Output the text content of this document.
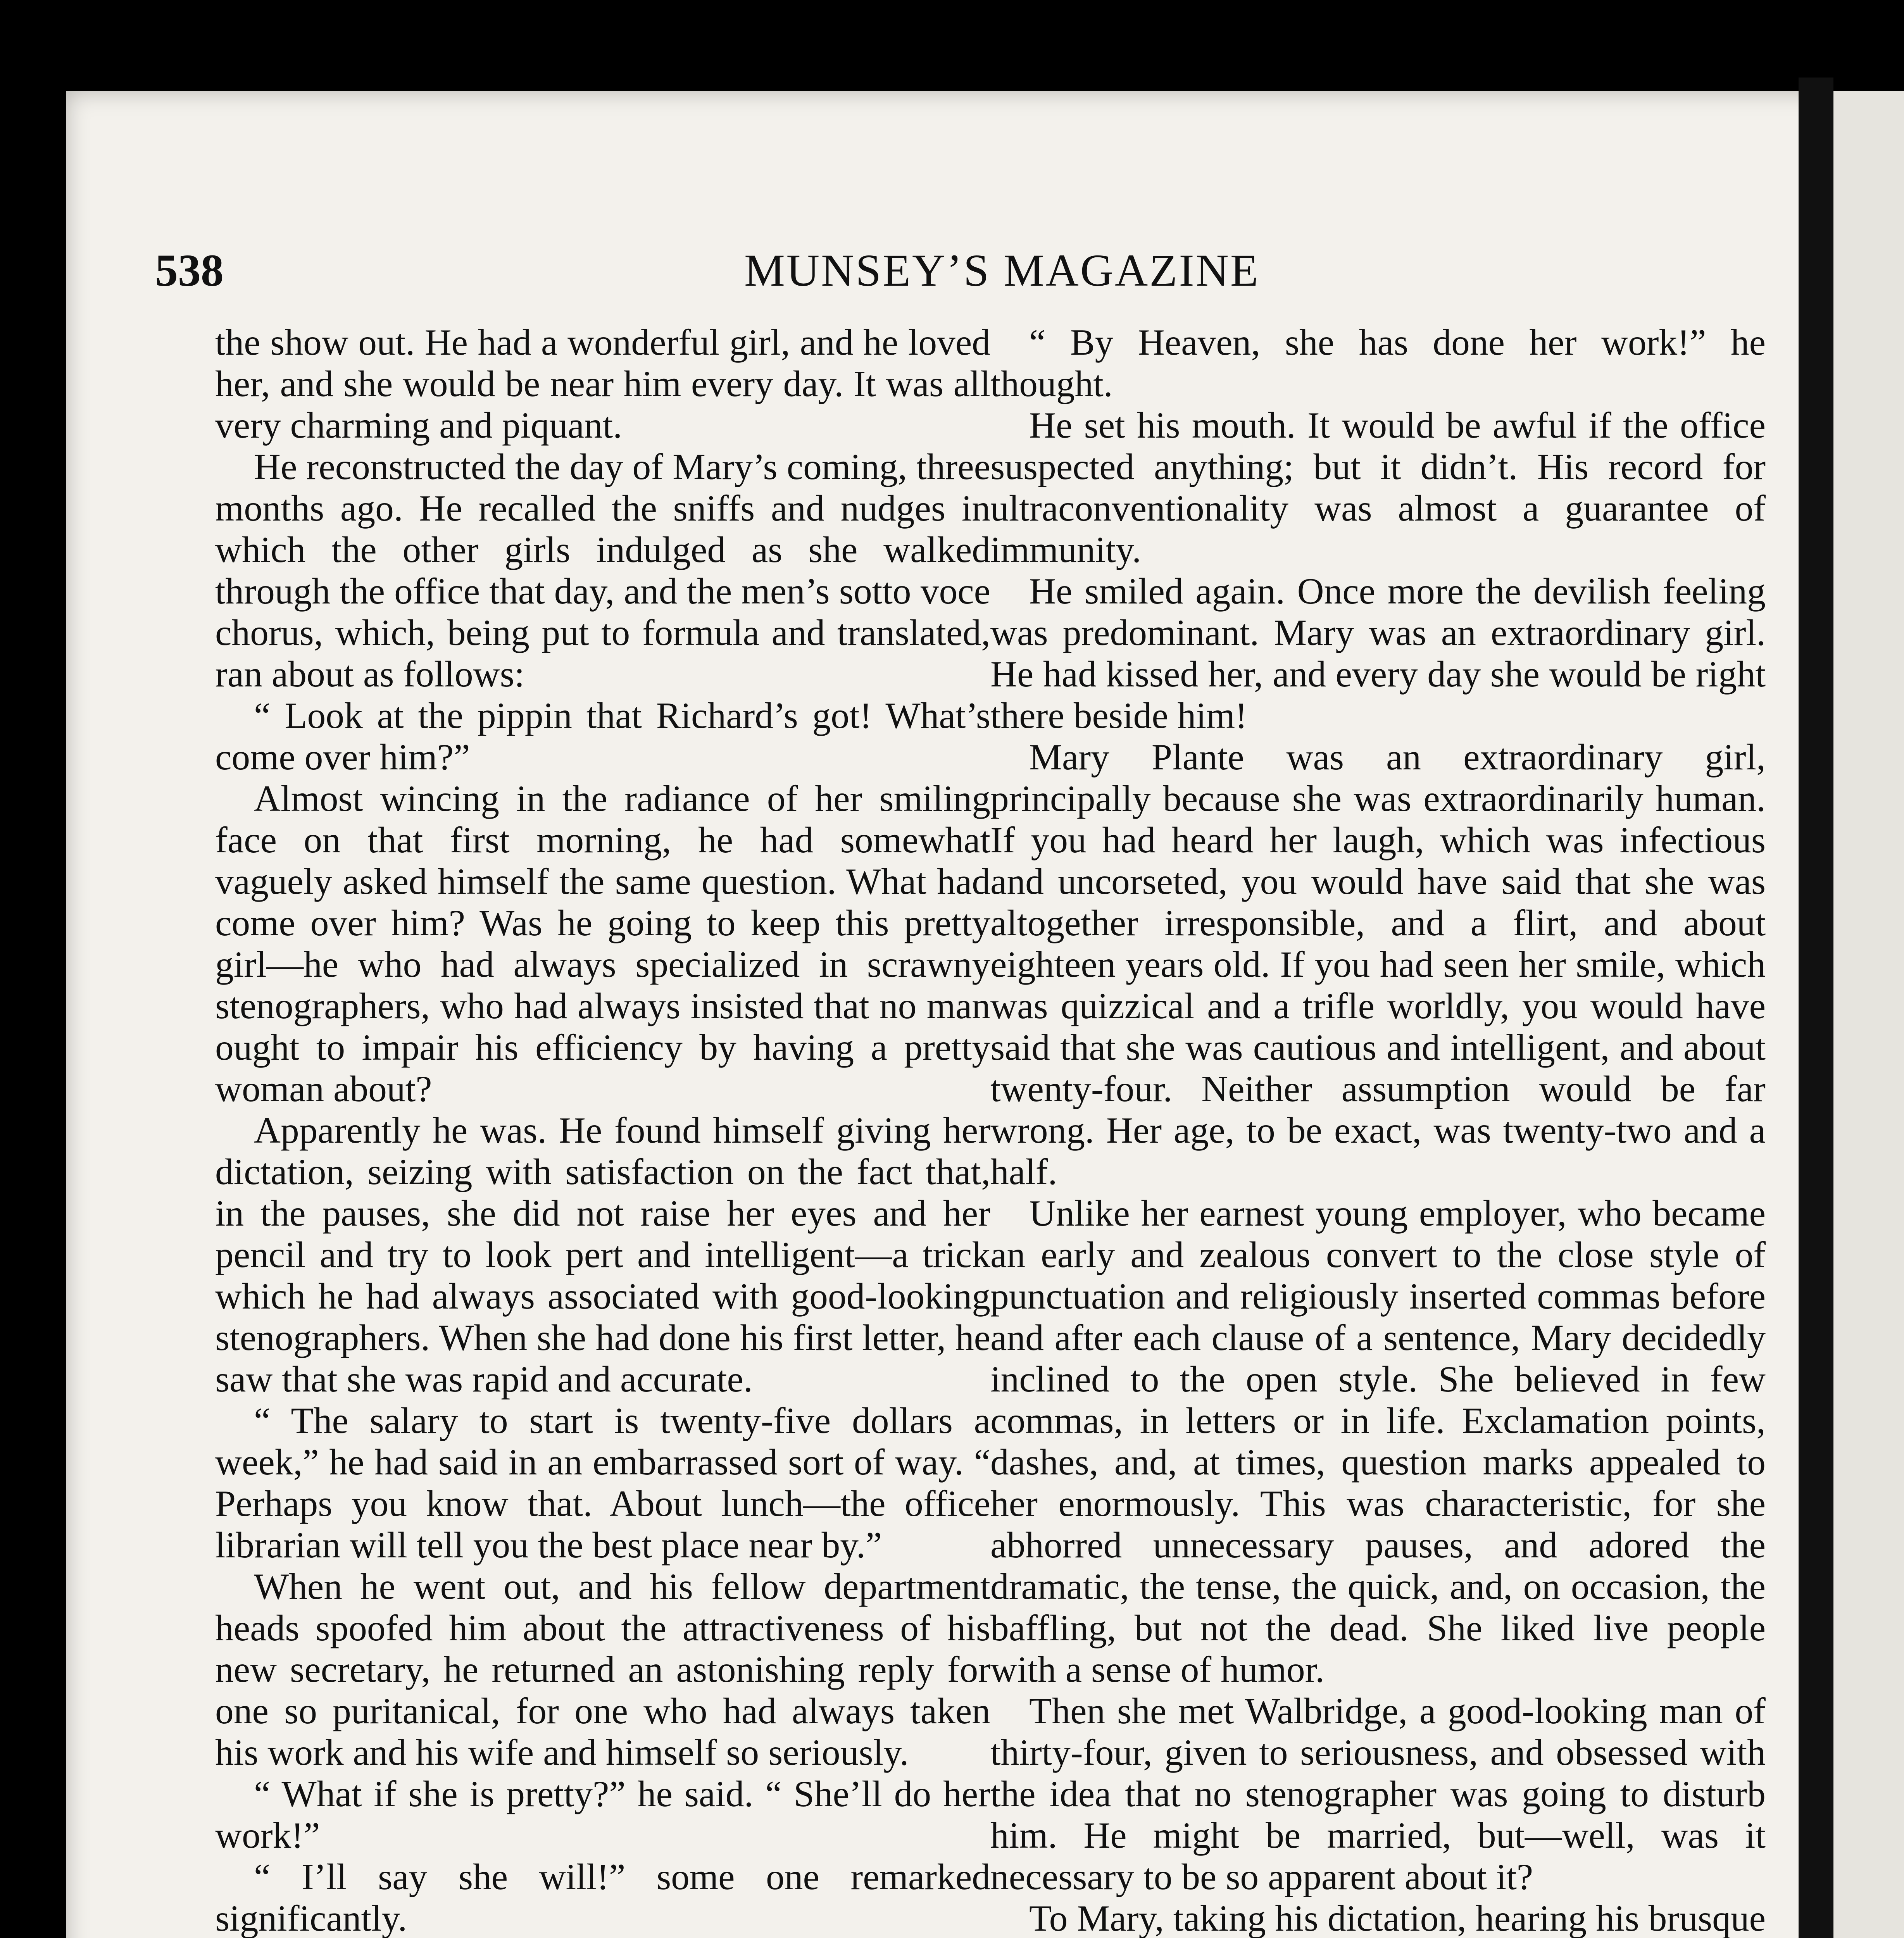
538	MUNSEY’S MAGAZINE

the show out. He had a wonderful girl, and he loved her, and she would be near him every day. It was all very charming and piquant.

He reconstructed the day of Mary’s coming, three months ago. He recalled the sniffs and nudges in which the other girls indulged as she walked through the office that day, and the men’s sotto voce chorus, which, being put to formula and translated, ran about as follows:

“ Look at the pippin that Richard’s got! What’s come over him?”

Almost wincing in the radiance of her smiling face on that first morning, he had somewhat vaguely asked himself the same question. What had come over him? Was he going to keep this pretty girl—he who had always specialized in scrawny stenographers, who had always insisted that no man ought to impair his efficiency by having a pretty woman about?

Apparently he was. He found himself giving her dictation, seizing with satisfaction on the fact that, in the pauses, she did not raise her eyes and her pencil and try to look pert and intelligent—a trick which he had always associated with good-looking stenographers. When she had done his first letter, he saw that she was rapid and accurate.

“ The salary to start is twenty-five dollars a week,” he had said in an embarrassed sort of way. “ Perhaps you know that. About lunch—the office librarian will tell you the best place near by.”

When he went out, and his fellow department heads spoofed him about the attractiveness of his new secretary, he returned an astonishing reply for one so puritanical, for one who had always taken his work and his wife and himself so seriously.

“ What if she is pretty?” he said. “ She’ll do her work!”

“ I’ll say she will!” some one remarked significantly.

“ By Heaven, she has done her work!” he thought.

He set his mouth. It would be awful if the office suspected anything; but it didn’t. His record for ultraconventionality was almost a guarantee of immunity.

He smiled again. Once more the devilish feeling was predominant. Mary was an extraordinary girl. He had kissed her, and every day she would be right there beside him!

Mary Plante was an extraordinary girl, principally because she was extraordinarily human. If you had heard her laugh, which was infectious and uncorseted, you would have said that she was altogether irresponsible, and a flirt, and about eighteen years old. If you had seen her smile, which was quizzical and a trifle worldly, you would have said that she was cautious and intelligent, and about twenty-four. Neither assumption would be far wrong. Her age, to be exact, was twenty-two and a half.

Unlike her earnest young employer, who became an early and zealous convert to the close style of punctuation and religiously inserted commas before and after each clause of a sentence, Mary decidedly inclined to the open style. She believed in few commas, in letters or in life. Exclamation points, dashes, and, at times, question marks appealed to her enormously. This was characteristic, for she abhorred unnecessary pauses, and adored the dramatic, the tense, the quick, and, on occasion, the baffling, but not the dead. She liked live people with a sense of humor.

Then she met Walbridge, a good-looking man of thirty-four, given to seriousness, and obsessed with the idea that no stenographer was going to disturb him. He might be married, but—well, was it necessary to be so apparent about it?

To Mary, taking his dictation, hearing his brusque
